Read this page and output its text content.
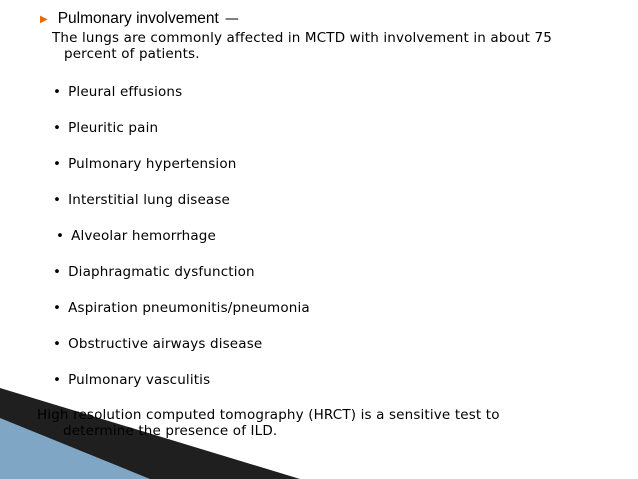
▶ Pulmonary involvement —
The lungs are commonly affected in MCTD with involvement in about 75
percent of patients.
• Pleural effusions
• Pleuritic pain
• Pulmonary hypertension
• Interstitial lung disease
• Alveolar hemorrhage
• Diaphragmatic dysfunction
• Aspiration pneumonitis/pneumonia
• Obstructive airways disease
• Pulmonary vasculitis
High resolution computed tomography (HRCT) is a sensitive test to
determine the presence of ILD.
